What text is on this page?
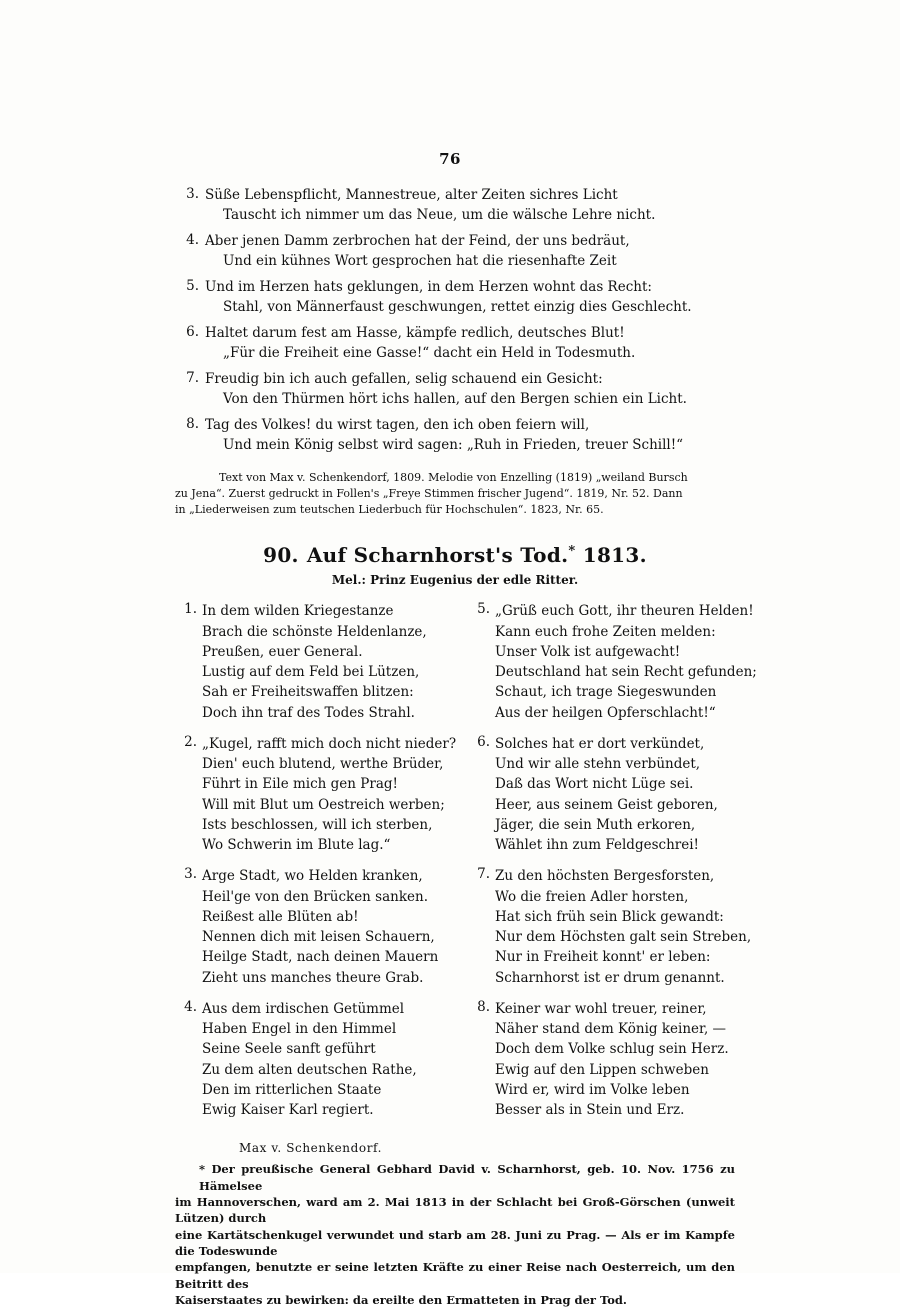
76
3. Süße Lebenspflicht, Mannestreue, alter Zeiten sichres Licht
Tauscht ich nimmer um das Neue, um die wälsche Lehre nicht.
4. Aber jenen Damm zerbrochen hat der Feind, der uns bedräut,
Und ein kühnes Wort gesprochen hat die riesenhafte Zeit
5. Und im Herzen hats geklungen, in dem Herzen wohnt das Recht:
Stahl, von Männerfaust geschwungen, rettet einzig dies Geschlecht.
6. Haltet darum fest am Hasse, kämpfe redlich, deutsches Blut!
„Für die Freiheit eine Gasse!“ dacht ein Held in Todesmuth.
7. Freudig bin ich auch gefallen, selig schauend ein Gesicht:
Von den Thürmen hört ichs hallen, auf den Bergen schien ein Licht.
8. Tag des Volkes! du wirst tagen, den ich oben feiern will,
Und mein König selbst wird sagen: „Ruh in Frieden, treuer Schill!“
Text von Max v. Schenkendorf, 1809. Melodie von Enzelling (1819) „weiland Bursch
zu Jena“. Zuerst gedruckt in Follen's „Freye Stimmen frischer Jugend“. 1819, Nr. 52. Dann
in „Liederweisen zum teutschen Liederbuch für Hochschulen“. 1823, Nr. 65.
90. Auf Scharnhorst's Tod.* 1813.
Mel.: Prinz Eugenius der edle Ritter.
1. In dem wilden Kriegestanze
Brach die schönste Heldenlanze,
Preußen, euer General.
Lustig auf dem Feld bei Lützen,
Sah er Freiheitswaffen blitzen:
Doch ihn traf des Todes Strahl.
2. „Kugel, rafft mich doch nicht nieder?
Dien' euch blutend, werthe Brüder,
Führt in Eile mich gen Prag!
Will mit Blut um Oestreich werben;
Ists beschlossen, will ich sterben,
Wo Schwerin im Blute lag.“
3. Arge Stadt, wo Helden kranken,
Heil'ge von den Brücken sanken.
Reißest alle Blüten ab!
Nennen dich mit leisen Schauern,
Heilge Stadt, nach deinen Mauern
Zieht uns manches theure Grab.
4. Aus dem irdischen Getümmel
Haben Engel in den Himmel
Seine Seele sanft geführt
Zu dem alten deutschen Rathe,
Den im ritterlichen Staate
Ewig Kaiser Karl regiert.
5. „Grüß euch Gott, ihr theuren Helden!
Kann euch frohe Zeiten melden:
Unser Volk ist aufgewacht!
Deutschland hat sein Recht gefunden;
Schaut, ich trage Siegeswunden
Aus der heilgen Opferschlacht!“
6. Solches hat er dort verkündet,
Und wir alle stehn verbündet,
Daß das Wort nicht Lüge sei.
Heer, aus seinem Geist geboren,
Jäger, die sein Muth erkoren,
Wählet ihn zum Feldgeschrei!
7. Zu den höchsten Bergesforsten,
Wo die freien Adler horsten,
Hat sich früh sein Blick gewandt:
Nur dem Höchsten galt sein Streben,
Nur in Freiheit konnt' er leben:
Scharnhorst ist er drum genannt.
8. Keiner war wohl treuer, reiner,
Näher stand dem König keiner, —
Doch dem Volke schlug sein Herz.
Ewig auf den Lippen schweben
Wird er, wird im Volke leben
Besser als in Stein und Erz.
Max v. Schenkendorf.
* Der preußische General Gebhard David v. Scharnhorst, geb. 10. Nov. 1756 zu Hämelsee
im Hannoverschen, ward am 2. Mai 1813 in der Schlacht bei Groß-Görschen (unweit Lützen) durch
eine Kartätschenkugel verwundet und starb am 28. Juni zu Prag. — Als er im Kampfe die Todeswunde
empfangen, benutzte er seine letzten Kräfte zu einer Reise nach Oesterreich, um den Beitritt des
Kaiserstaates zu bewirken: da ereilte den Ermatteten in Prag der Tod.
